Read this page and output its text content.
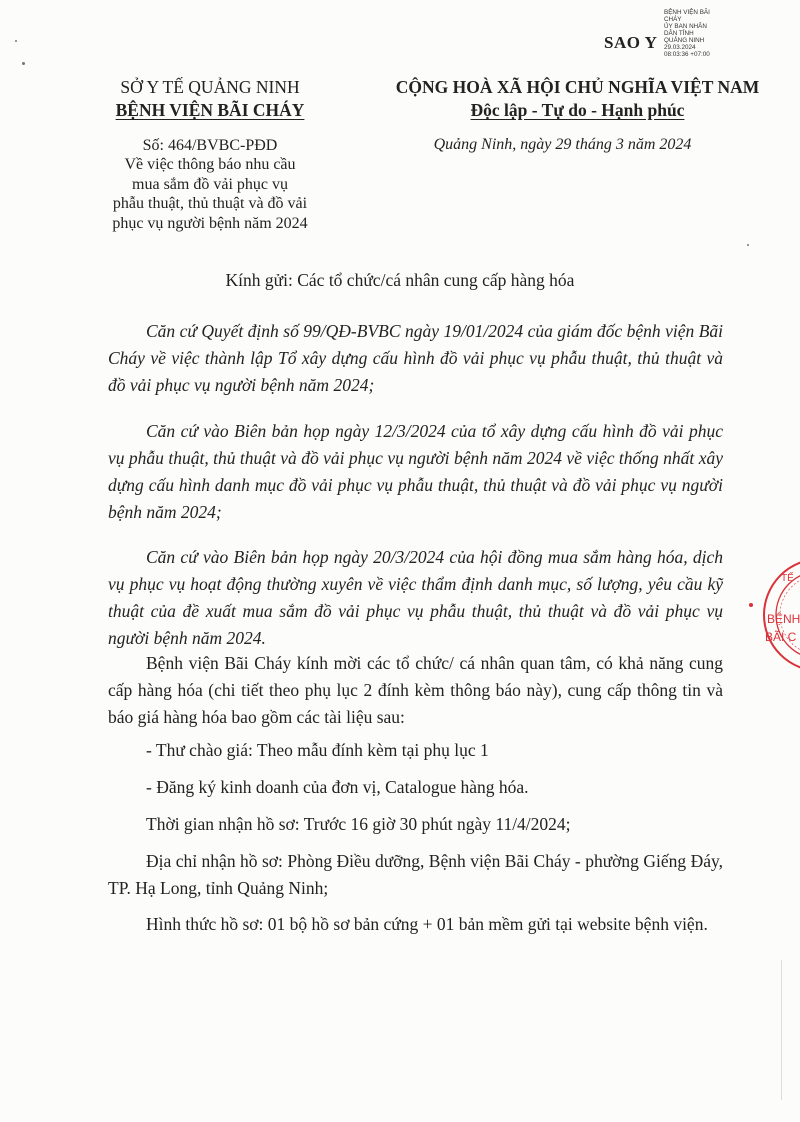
SAO Y
BỆNH VIỆN BÃI
CHÁY
ỦY BAN NHÂN
DÂN TỈNH
QUẢNG NINH
29.03.2024
08:03:36 +07:00
SỞ Y TẾ QUẢNG NINH
BỆNH VIỆN BÃI CHÁY
Số: 464/BVBC-PĐD
Về việc thông báo nhu cầu
mua sắm đồ vải phục vụ
phẫu thuật, thủ thuật và đồ vải
phục vụ người bệnh năm 2024
CỘNG HOÀ XÃ HỘI CHỦ NGHĨA VIỆT NAM
Độc lập - Tự do - Hạnh phúc
Quảng Ninh, ngày 29 tháng 3 năm 2024
Kính gửi: Các tổ chức/cá nhân cung cấp hàng hóa
Căn cứ Quyết định số 99/QĐ-BVBC ngày 19/01/2024 của giám đốc bệnh viện Bãi Cháy về việc thành lập Tổ xây dựng cấu hình đồ vải phục vụ phẫu thuật, thủ thuật và đồ vải phục vụ người bệnh năm 2024;
Căn cứ vào Biên bản họp ngày 12/3/2024 của tổ xây dựng cấu hình đồ vải phục vụ phẫu thuật, thủ thuật và đồ vải phục vụ người bệnh năm 2024 về việc thống nhất xây dựng cấu hình danh mục đồ vải phục vụ phẫu thuật, thủ thuật và đồ vải phục vụ người bệnh năm 2024;
Căn cứ vào Biên bản họp ngày 20/3/2024 của hội đồng mua sắm hàng hóa, dịch vụ phục vụ hoạt động thường xuyên về việc thẩm định danh mục, số lượng, yêu cầu kỹ thuật của đề xuất mua sắm đồ vải phục vụ phẫu thuật, thủ thuật và đồ vải phục vụ người bệnh năm 2024.
Bệnh viện Bãi Cháy kính mời các tổ chức/ cá nhân quan tâm, có khả năng cung cấp hàng hóa (chi tiết theo phụ lục 2 đính kèm thông báo này), cung cấp thông tin và báo giá hàng hóa bao gồm các tài liệu sau:
- Thư chào giá: Theo mẫu đính kèm tại phụ lục 1
- Đăng ký kinh doanh của đơn vị, Catalogue hàng hóa.
Thời gian nhận hồ sơ: Trước 16 giờ 30 phút ngày 11/4/2024;
Địa chỉ nhận hồ sơ: Phòng Điều dưỡng, Bệnh viện Bãi Cháy - phường Giếng Đáy, TP. Hạ Long, tỉnh Quảng Ninh;
Hình thức hồ sơ: 01 bộ hồ sơ bản cứng + 01 bản mềm gửi tại website bệnh viện.
TẾ
BỆNH
BÃI C
